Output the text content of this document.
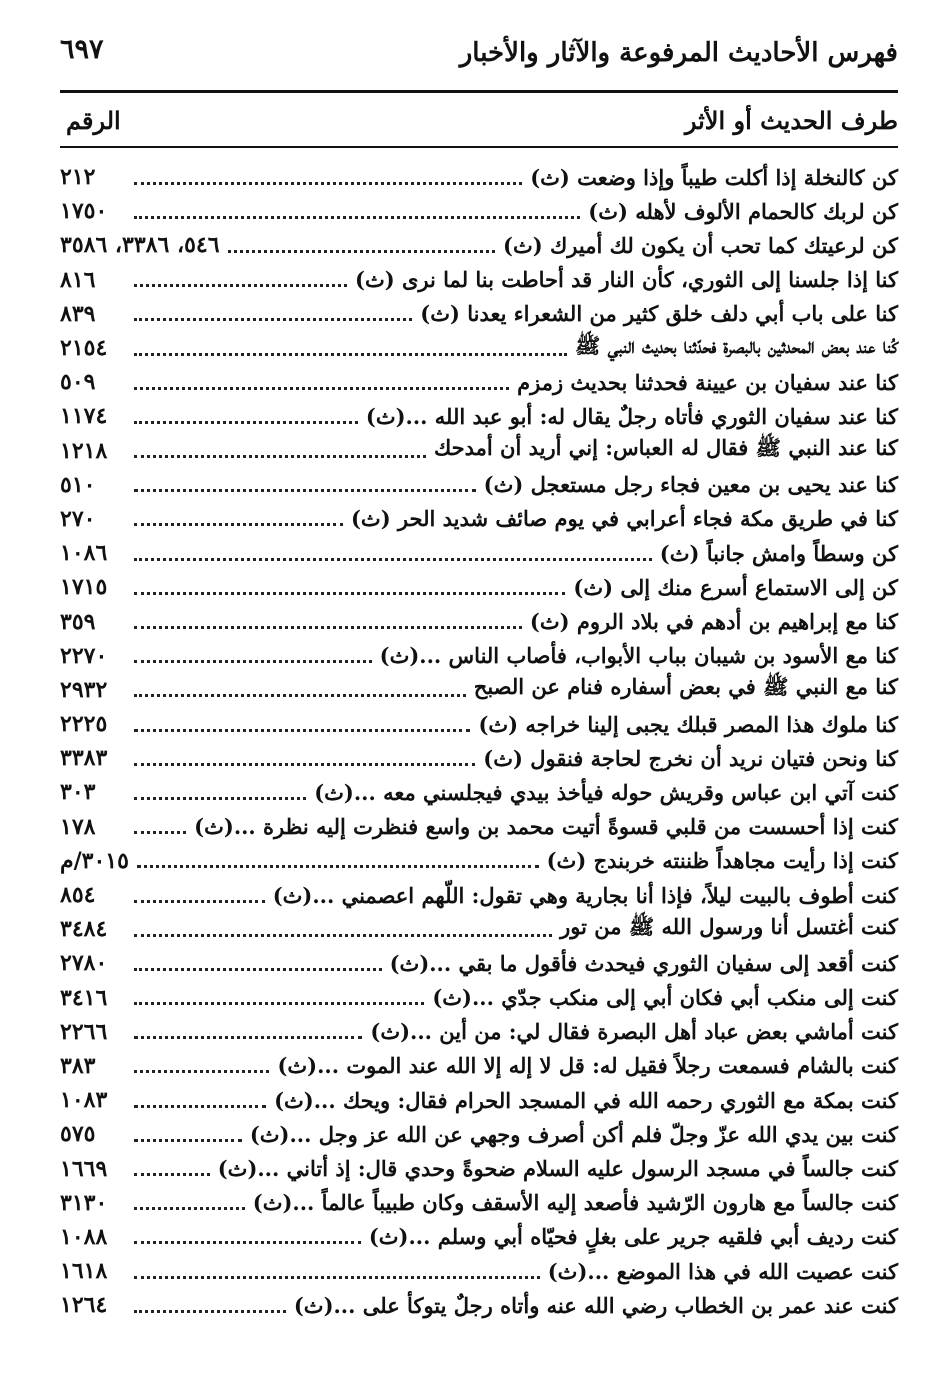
فهرس الأحاديث المرفوعة والآثار والأخبار
٦٩٧
طرف الحديث أو الأثر
الرقم
كن كالنخلة إذا أكلت طيباً وإذا وضعت (ث)
٢١٢
كن لربك كالحمام الألوف لأهله (ث)
١٧٥٠
كن لرعيتك كما تحب أن يكون لك أميرك (ث)
٥٤٦، ٣٣٨٦، ٣٥٨٦
كنا إذا جلسنا إلى الثوري، كأن النار قد أحاطت بنا لما نرى (ث)
٨١٦
كنا على باب أبي دلف خلق كثير من الشعراء يعدنا (ث)
٨٣٩
كُنا عند بعض المحدثين بالبصرة فحدّثنا بحديث النبي ﷺ
٢١٥٤
كنا عند سفيان بن عيينة فحدثنا بحديث زمزم
٥٠٩
كنا عند سفيان الثوري فأتاه رجلٌ يقال له: أبو عبد الله ...(ث)
١١٧٤
كنا عند النبي ﷺ فقال له العباس: إني أريد أن أمدحك
١٢١٨
كنا عند يحيى بن معين فجاء رجل مستعجل (ث)
٥١٠
كنا في طريق مكة فجاء أعرابي في يوم صائف شديد الحر (ث)
٢٧٠
كن وسطاً وامش جانباً (ث)
١٠٨٦
كن إلى الاستماع أسرع منك إلى (ث)
١٧١٥
كنا مع إبراهيم بن أدهم في بلاد الروم (ث)
٣٥٩
كنا مع الأسود بن شيبان بباب الأبواب، فأصاب الناس ...(ث)
٢٢٧٠
كنا مع النبي ﷺ في بعض أسفاره فنام عن الصبح
٢٩٣٢
كنا ملوك هذا المصر قبلك يجبى إلينا خراجه (ث)
٢٢٢٥
كنا ونحن فتيان نريد أن نخرج لحاجة فنقول (ث)
٣٣٨٣
كنت آتي ابن عباس وقريش حوله فيأخذ بيدي فيجلسني معه ...(ث)
٣٠٣
كنت إذا أحسست من قلبي قسوةً أتيت محمد بن واسع فنظرت إليه نظرة ...(ث)
١٧٨
كنت إذا رأيت مجاهداً ظننته خربندج (ث)
٣٠١٥/م
كنت أطوف بالبيت ليلاً، فإذا أنا بجارية وهي تقول: اللّهم اعصمني ...(ث)
٨٥٤
كنت أغتسل أنا ورسول الله ﷺ من تور
٣٤٨٤
كنت أقعد إلى سفيان الثوري فيحدث فأقول ما بقي ...(ث)
٢٧٨٠
كنت إلى منكب أبي فكان أبي إلى منكب جدّي ...(ث)
٣٤١٦
كنت أماشي بعض عباد أهل البصرة فقال لي: من أين ...(ث)
٢٢٦٦
كنت بالشام فسمعت رجلاً فقيل له: قل لا إله إلا الله عند الموت ...(ث)
٣٨٣
كنت بمكة مع الثوري رحمه الله في المسجد الحرام فقال: ويحك ...(ث)
١٠٨٣
كنت بين يدي الله عزّ وجلّ فلم أكن أصرف وجهي عن الله عز وجل ...(ث)
٥٧٥
كنت جالساً في مسجد الرسول عليه السلام ضحوةً وحدي قال: إذ أتاني ...(ث)
١٦٦٩
كنت جالساً مع هارون الرّشيد فأصعد إليه الأسقف وكان طبيباً عالماً ...(ث)
٣١٣٠
كنت رديف أبي فلقيه جرير على بغلٍ فحيّاه أبي وسلم ...(ث)
١٠٨٨
كنت عصيت الله في هذا الموضع ...(ث)
١٦١٨
كنت عند عمر بن الخطاب رضي الله عنه وأتاه رجلٌ يتوكأ على ...(ث)
١٢٦٤
